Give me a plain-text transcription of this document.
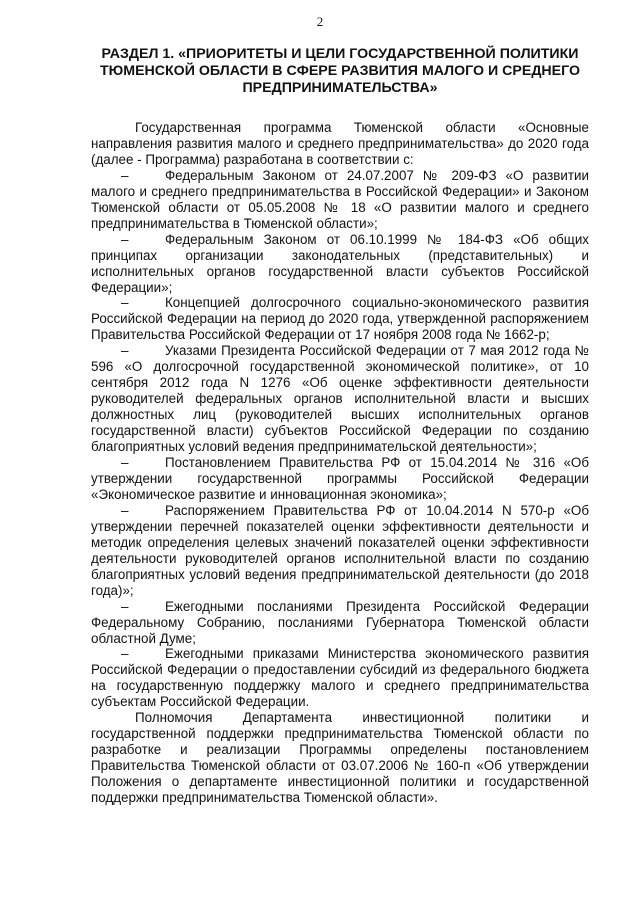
2
РАЗДЕЛ 1. «ПРИОРИТЕТЫ И ЦЕЛИ ГОСУДАРСТВЕННОЙ ПОЛИТИКИ ТЮМЕНСКОЙ ОБЛАСТИ В СФЕРЕ РАЗВИТИЯ МАЛОГО И СРЕДНЕГО ПРЕДПРИНИМАТЕЛЬСТВА»

Государственная программа Тюменской области «Основные направления развития малого и среднего предпринимательства» до 2020 года (далее - Программа) разработана в соответствии с:

–	Федеральным Законом от 24.07.2007 № 209-ФЗ «О развитии малого и среднего предпринимательства в Российской Федерации» и Законом Тюменской области от 05.05.2008 № 18 «О развитии малого и среднего предпринимательства в Тюменской области»;

–	Федеральным Законом от 06.10.1999 № 184-ФЗ «Об общих принципах организации законодательных (представительных) и исполнительных органов государственной власти субъектов Российской Федерации»;

–	Концепцией долгосрочного социально-экономического развития Российской Федерации на период до 2020 года, утвержденной распоряжением Правительства Российской Федерации от 17 ноября 2008 года № 1662-р;

–	Указами Президента Российской Федерации от 7 мая 2012 года № 596 «О долгосрочной государственной экономической политике», от 10 сентября 2012 года N 1276 «Об оценке эффективности деятельности руководителей федеральных органов исполнительной власти и высших должностных лиц (руководителей высших исполнительных органов государственной власти) субъектов Российской Федерации по созданию благоприятных условий ведения предпринимательской деятельности»;

–	Постановлением Правительства РФ от 15.04.2014 № 316 «Об утверждении государственной программы Российской Федерации «Экономическое развитие и инновационная экономика»;

–	Распоряжением Правительства РФ от 10.04.2014 N 570-р «Об утверждении перечней показателей оценки эффективности деятельности и методик определения целевых значений показателей оценки эффективности деятельности руководителей органов исполнительной власти по созданию благоприятных условий ведения предпринимательской деятельности (до 2018 года)»;

–	Ежегодными посланиями Президента Российской Федерации Федеральному Собранию, посланиями Губернатора Тюменской области областной Думе;

–	Ежегодными приказами Министерства экономического развития Российской Федерации о предоставлении субсидий из федерального бюджета на государственную поддержку малого и среднего предпринимательства субъектам Российской Федерации.

Полномочия Департамента инвестиционной политики и государственной поддержки предпринимательства Тюменской области по разработке и реализации Программы определены постановлением Правительства Тюменской области от 03.07.2006 № 160-п «Об утверждении Положения о департаменте инвестиционной политики и государственной поддержки предпринимательства Тюменской области».
